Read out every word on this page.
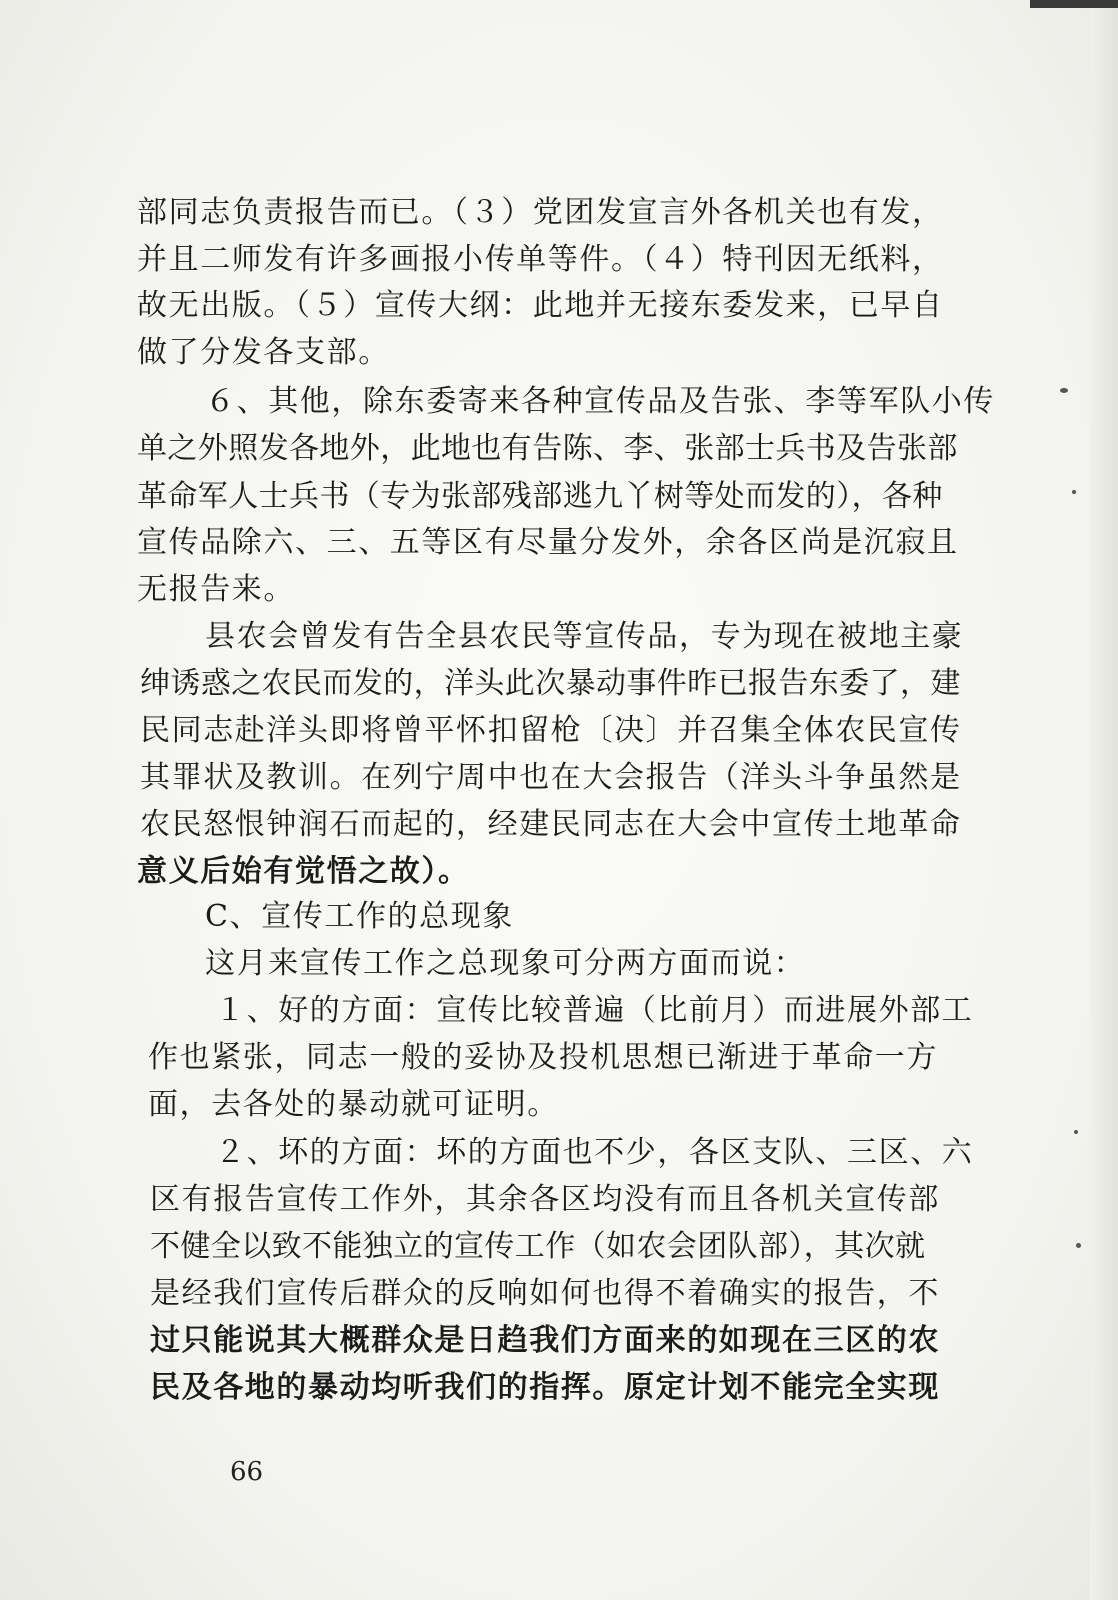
部同志负责报告而已。（３）党团发宣言外各机关也有发，
并且二师发有许多画报小传单等件。（４）特刊因无纸料，
故无出版。（５）宣传大纲：此地并无接东委发来，已早自
做了分发各支部。
６、其他，除东委寄来各种宣传品及告张、李等军队小传
单之外照发各地外，此地也有告陈、李、张部士兵书及告张部
革命军人士兵书（专为张部残部逃九丫树等处而发的），各种
宣传品除六、三、五等区有尽量分发外，余各区尚是沉寂且
无报告来。
县农会曾发有告全县农民等宣传品，专为现在被地主豪
绅诱惑之农民而发的，洋头此次暴动事件昨已报告东委了，建
民同志赴洋头即将曾平怀扣留枪〔决〕并召集全体农民宣传
其罪状及教训。在列宁周中也在大会报告（洋头斗争虽然是
农民怒恨钟润石而起的，经建民同志在大会中宣传土地革命
意义后始有觉悟之故）。
C、宣传工作的总现象
这月来宣传工作之总现象可分两方面而说：
１、好的方面：宣传比较普遍（比前月）而进展外部工
作也紧张，同志一般的妥协及投机思想已渐进于革命一方
面，去各处的暴动就可证明。
２、坏的方面：坏的方面也不少，各区支队、三区、六
区有报告宣传工作外，其余各区均没有而且各机关宣传部
不健全以致不能独立的宣传工作（如农会团队部），其次就
是经我们宣传后群众的反响如何也得不着确实的报告，不
过只能说其大概群众是日趋我们方面来的如现在三区的农
民及各地的暴动均听我们的指挥。原定计划不能完全实现
66
